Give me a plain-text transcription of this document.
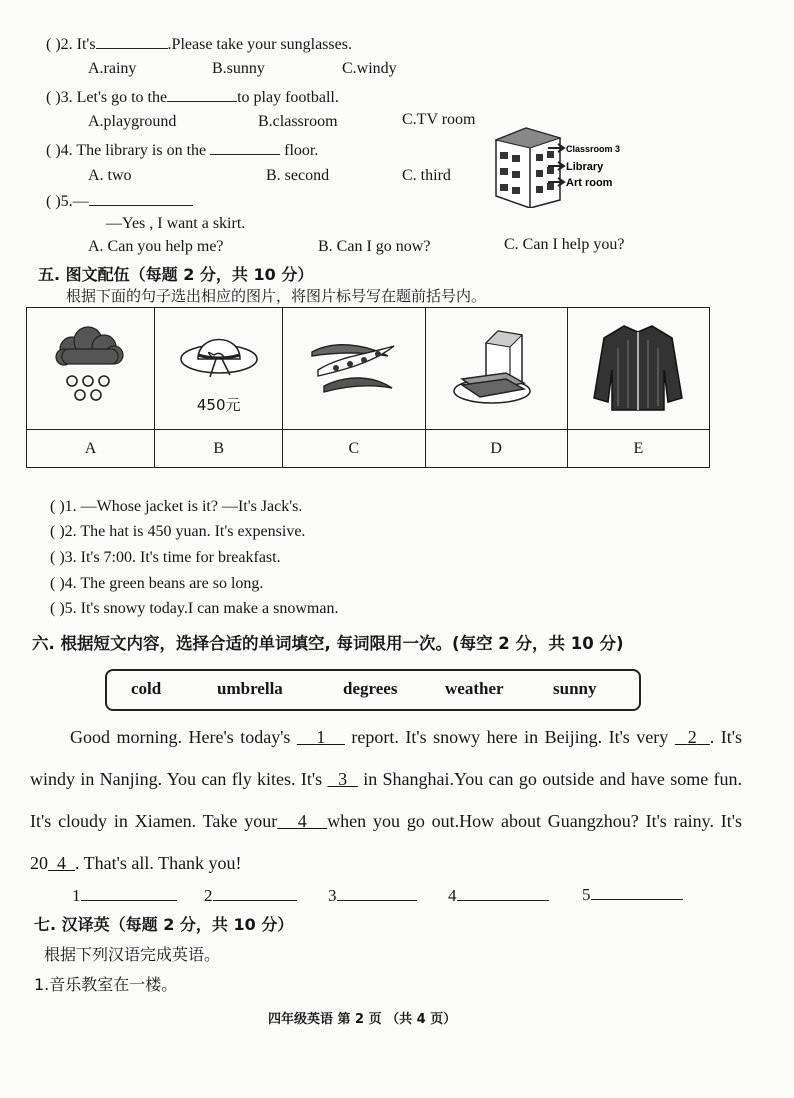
( )2. It's	.Please take your sunglasses.
A.rainy	B.sunny	C.windy
( )3. Let's go to the	to play football.
A.playground	B.classroom	C.TV room
( )4. The library is on the	floor.
A. two	B. second	C. third
Classroom 3
Library
Art room
( )5.—
—Yes , I want a skirt.
A. Can you help me?	B. Can I go now?	C. Can I help you?
五. 图文配伍（每题 2 分，共 10 分）
根据下面的句子选出相应的图片，将图片标号写在题前括号内。

450元

A	B	C	D	E
( )1. —Whose jacket is it? —It's Jack's.
( )2. The hat is 450 yuan. It's expensive.
( )3. It's 7:00. It's time for breakfast.
( )4. The green beans are so long.
( )5. It's snowy today.I can make a snowman.
六. 根据短文内容，选择合适的单词填空, 每词限用一次。(每空 2 分，共 10 分)
cold	umbrella	degrees	weather	sunny
Good morning. Here's today's 1 report. It's snowy here in Beijing. It's very 2 . It's windy in Nanjing. You can fly kites. It's 3 in Shanghai.You can go outside and have some fun. It's cloudy in Xiamen. Take your 4 when you go out.How about Guangzhou? It's rainy. It's 20 4 . That's all. Thank you!
1	2	3	4	5
七. 汉译英（每题 2 分，共 10 分）
根据下列汉语完成英语。
1.音乐教室在一楼。
四年级英语 第 2 页 （共 4 页）
